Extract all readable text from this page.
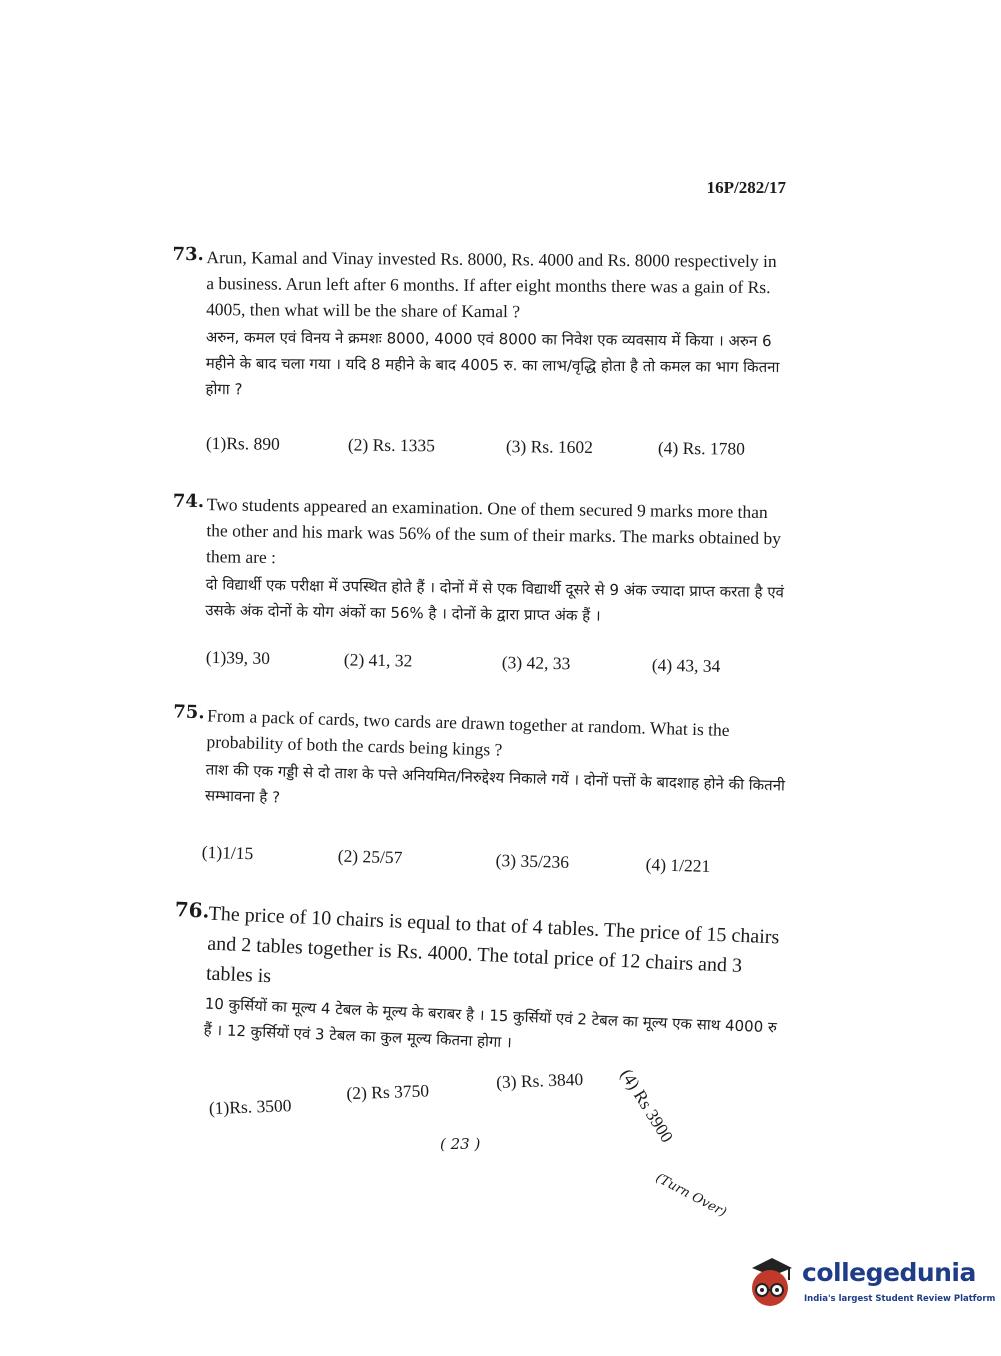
16P/282/17
73. Arun, Kamal and Vinay invested Rs. 8000, Rs. 4000 and Rs. 8000 respectively in a business. Arun left after 6 months. If after eight months there was a gain of Rs. 4005, then what will be the share of Kamal ?
अरुन, कमल एवं विनय ने क्रमशः 8000, 4000 एवं 8000 का निवेश एक व्यवसाय में किया । अरुन 6 महीने के बाद चला गया । यदि 8 महीने के बाद 4005 रु. का लाभ/वृद्धि होता है तो कमल का भाग कितना होगा ?
(1)Rs. 890	(2) Rs. 1335	(3) Rs. 1602	(4) Rs. 1780
74. Two students appeared an examination. One of them secured 9 marks more than the other and his mark was 56% of the sum of their marks. The marks obtained by them are :
दो विद्यार्थी एक परीक्षा में उपस्थित होते हैं । दोनों में से एक विद्यार्थी दूसरे से 9 अंक ज्यादा प्राप्त करता है एवं उसके अंक दोनों के योग अंकों का 56% है । दोनों के द्वारा प्राप्त अंक हैं ।
(1)39, 30	(2) 41, 32	(3) 42, 33	(4) 43, 34
75. From a pack of cards, two cards are drawn together at random. What is the probability of both the cards being kings ?
ताश की एक गड्डी से दो ताश के पत्ते अनियमित/निरुद्देश्य निकाले गयें । दोनों पत्तों के बादशाह होने की कितनी सम्भावना है ?
(1)1/15	(2) 25/57	(3) 35/236	(4) 1/221
76.
The price of 10 chairs is equal to that of 4 tables. The price of 15 chairs and 2 tables together is Rs. 4000. The total price of 12 chairs and 3 tables is
10 कुर्सियों का मूल्य 4 टेबल के मूल्य के बराबर है । 15 कुर्सियों एवं 2 टेबल का मूल्य एक साथ 4000 रु हैं । 12 कुर्सियों एवं 3 टेबल का कुल मूल्य कितना होगा ।
(1)Rs. 3500
(2) Rs 3750	(3) Rs. 3840 (4) Rs 3900
( 23 )
(Turn Over)
collegedunia
India's largest Student Review Platform
